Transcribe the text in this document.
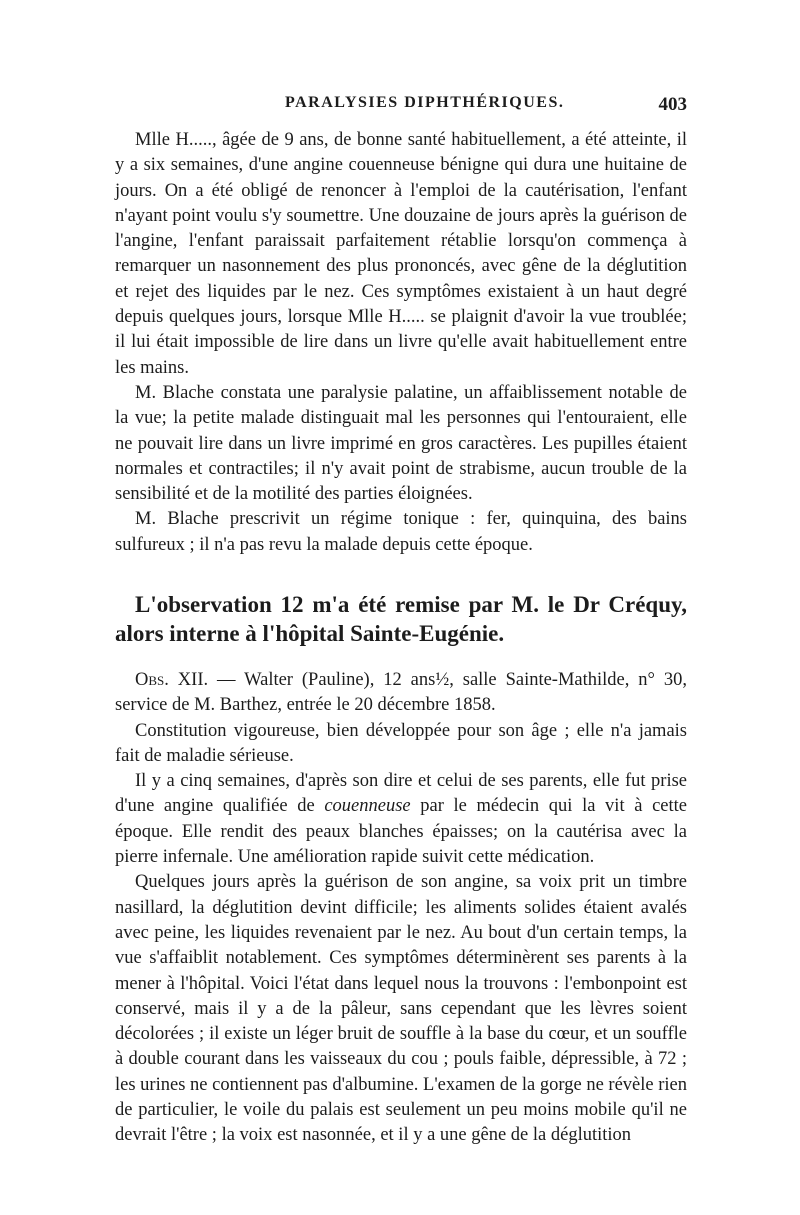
PARALYSIES DIPHTHÉRIQUES.	403

Mlle H....., âgée de 9 ans, de bonne santé habituellement, a été atteinte, il y a six semaines, d'une angine couenneuse bénigne qui dura une huitaine de jours. On a été obligé de renoncer à l'emploi de la cautérisation, l'enfant n'ayant point voulu s'y soumettre. Une douzaine de jours après la guérison de l'angine, l'enfant paraissait parfaitement rétablie lorsqu'on commença à remarquer un nasonnement des plus prononcés, avec gêne de la déglutition et rejet des liquides par le nez. Ces symptômes existaient à un haut degré depuis quelques jours, lorsque Mlle H..... se plaignit d'avoir la vue troublée; il lui était impossible de lire dans un livre qu'elle avait habituellement entre les mains.

M. Blache constata une paralysie palatine, un affaiblissement notable de la vue; la petite malade distinguait mal les personnes qui l'entouraient, elle ne pouvait lire dans un livre imprimé en gros caractères. Les pupilles étaient normales et contractiles; il n'y avait point de strabisme, aucun trouble de la sensibilité et de la motilité des parties éloignées.

M. Blache prescrivit un régime tonique : fer, quinquina, des bains sulfureux ; il n'a pas revu la malade depuis cette époque.

L'observation 12 m'a été remise par M. le Dr Créquy, alors interne à l'hôpital Sainte-Eugénie.

Obs. XII. — Walter (Pauline), 12 ans½, salle Sainte-Mathilde, n° 30, service de M. Barthez, entrée le 20 décembre 1858.

Constitution vigoureuse, bien développée pour son âge ; elle n'a jamais fait de maladie sérieuse.

Il y a cinq semaines, d'après son dire et celui de ses parents, elle fut prise d'une angine qualifiée de couenneuse par le médecin qui la vit à cette époque. Elle rendit des peaux blanches épaisses; on la cautérisa avec la pierre infernale. Une amélioration rapide suivit cette médication.

Quelques jours après la guérison de son angine, sa voix prit un timbre nasillard, la déglutition devint difficile; les aliments solides étaient avalés avec peine, les liquides revenaient par le nez. Au bout d'un certain temps, la vue s'affaiblit notablement. Ces symptômes déterminèrent ses parents à la mener à l'hôpital. Voici l'état dans lequel nous la trouvons : l'embonpoint est conservé, mais il y a de la pâleur, sans cependant que les lèvres soient décolorées ; il existe un léger bruit de souffle à la base du cœur, et un souffle à double courant dans les vaisseaux du cou ; pouls faible, dépressible, à 72 ; les urines ne contiennent pas d'albumine. L'examen de la gorge ne révèle rien de particulier, le voile du palais est seulement un peu moins mobile qu'il ne devrait l'être ; la voix est nasonnée, et il y a une gêne de la déglutition
